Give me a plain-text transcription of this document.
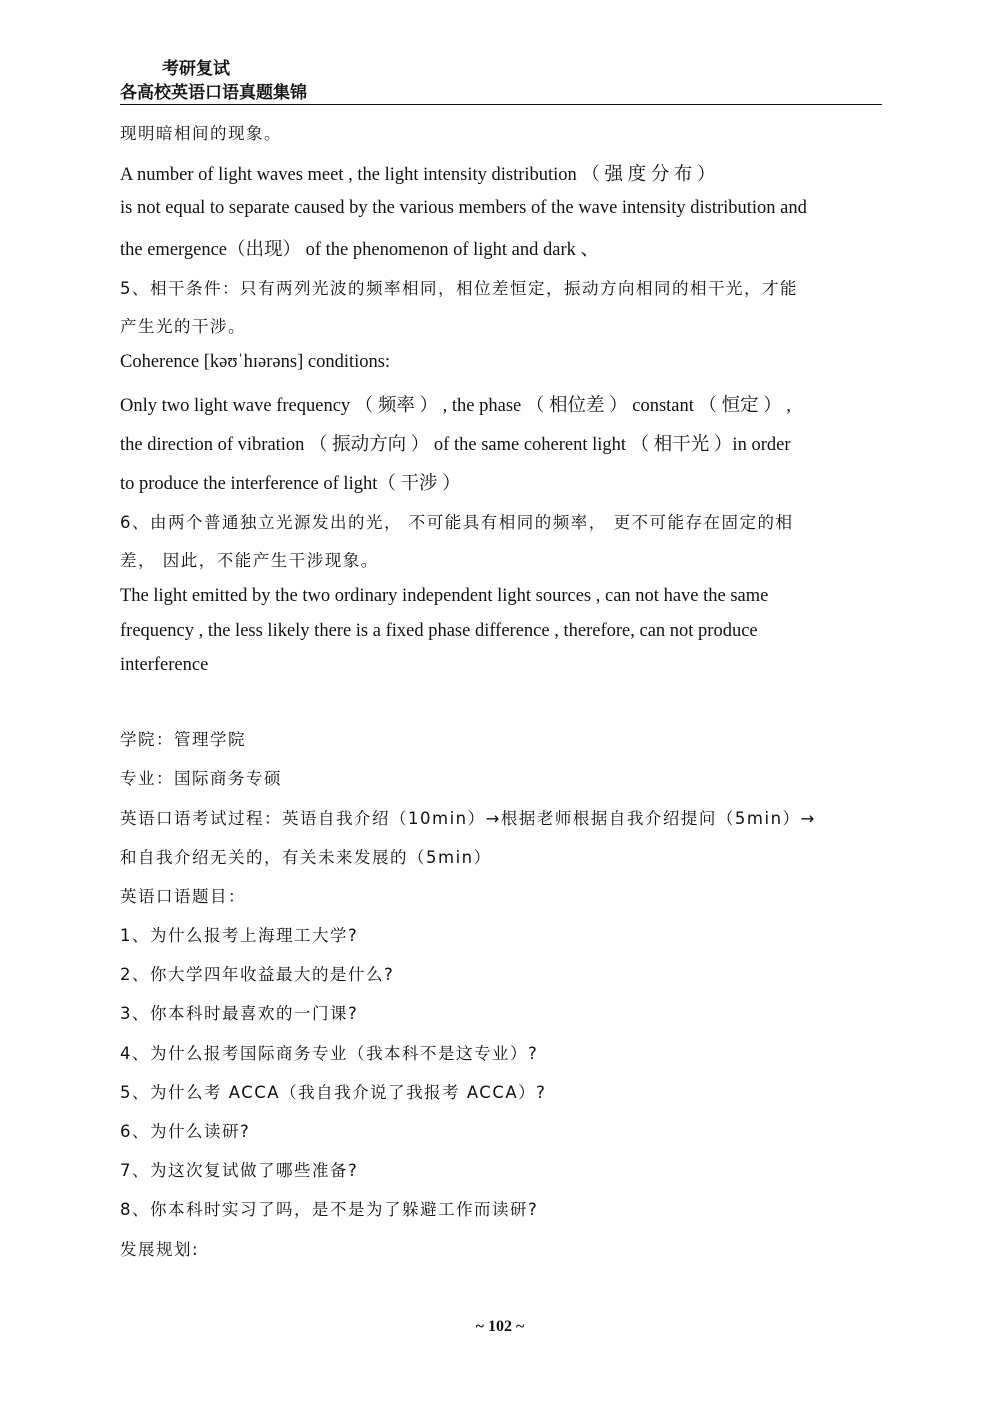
考研复试
各高校英语口语真题集锦
现明暗相间的现象。
A number of light waves meet , the light intensity distribution （ 强 度 分 布 ）
is not equal to separate caused by the various members of the wave intensity distribution and
the emergence（出现） of the phenomenon of light and dark 、
5、相干条件：只有两列光波的频率相同，相位差恒定，振动方向相同的相干光，才能
产生光的干涉。
Coherence [kəʊˈhɪərəns] conditions:
Only two light wave frequency （ 频率 ） , the phase （ 相位差 ） constant （ 恒定 ） ,
the direction of vibration （ 振动方向 ） of the same coherent light （ 相干光 ）in order
to produce the interference of light（ 干涉 ）
6、由两个普通独立光源发出的光， 不可能具有相同的频率， 更不可能存在固定的相
差， 因此，不能产生干涉现象。
The light emitted by the two ordinary independent light sources , can not have the same
frequency , the less likely there is a fixed phase difference , therefore, can not produce
interference
学院：管理学院
专业：国际商务专硕
英语口语考试过程：英语自我介绍（10min）→根据老师根据自我介绍提问（5min）→
和自我介绍无关的，有关未来发展的（5min）
英语口语题目：
1、为什么报考上海理工大学?
2、你大学四年收益最大的是什么?
3、你本科时最喜欢的一门课?
4、为什么报考国际商务专业（我本科不是这专业）?
5、为什么考 ACCA（我自我介说了我报考 ACCA）?
6、为什么读研?
7、为这次复试做了哪些准备?
8、你本科时实习了吗，是不是为了躲避工作而读研?
发展规划:
~ 102 ~
